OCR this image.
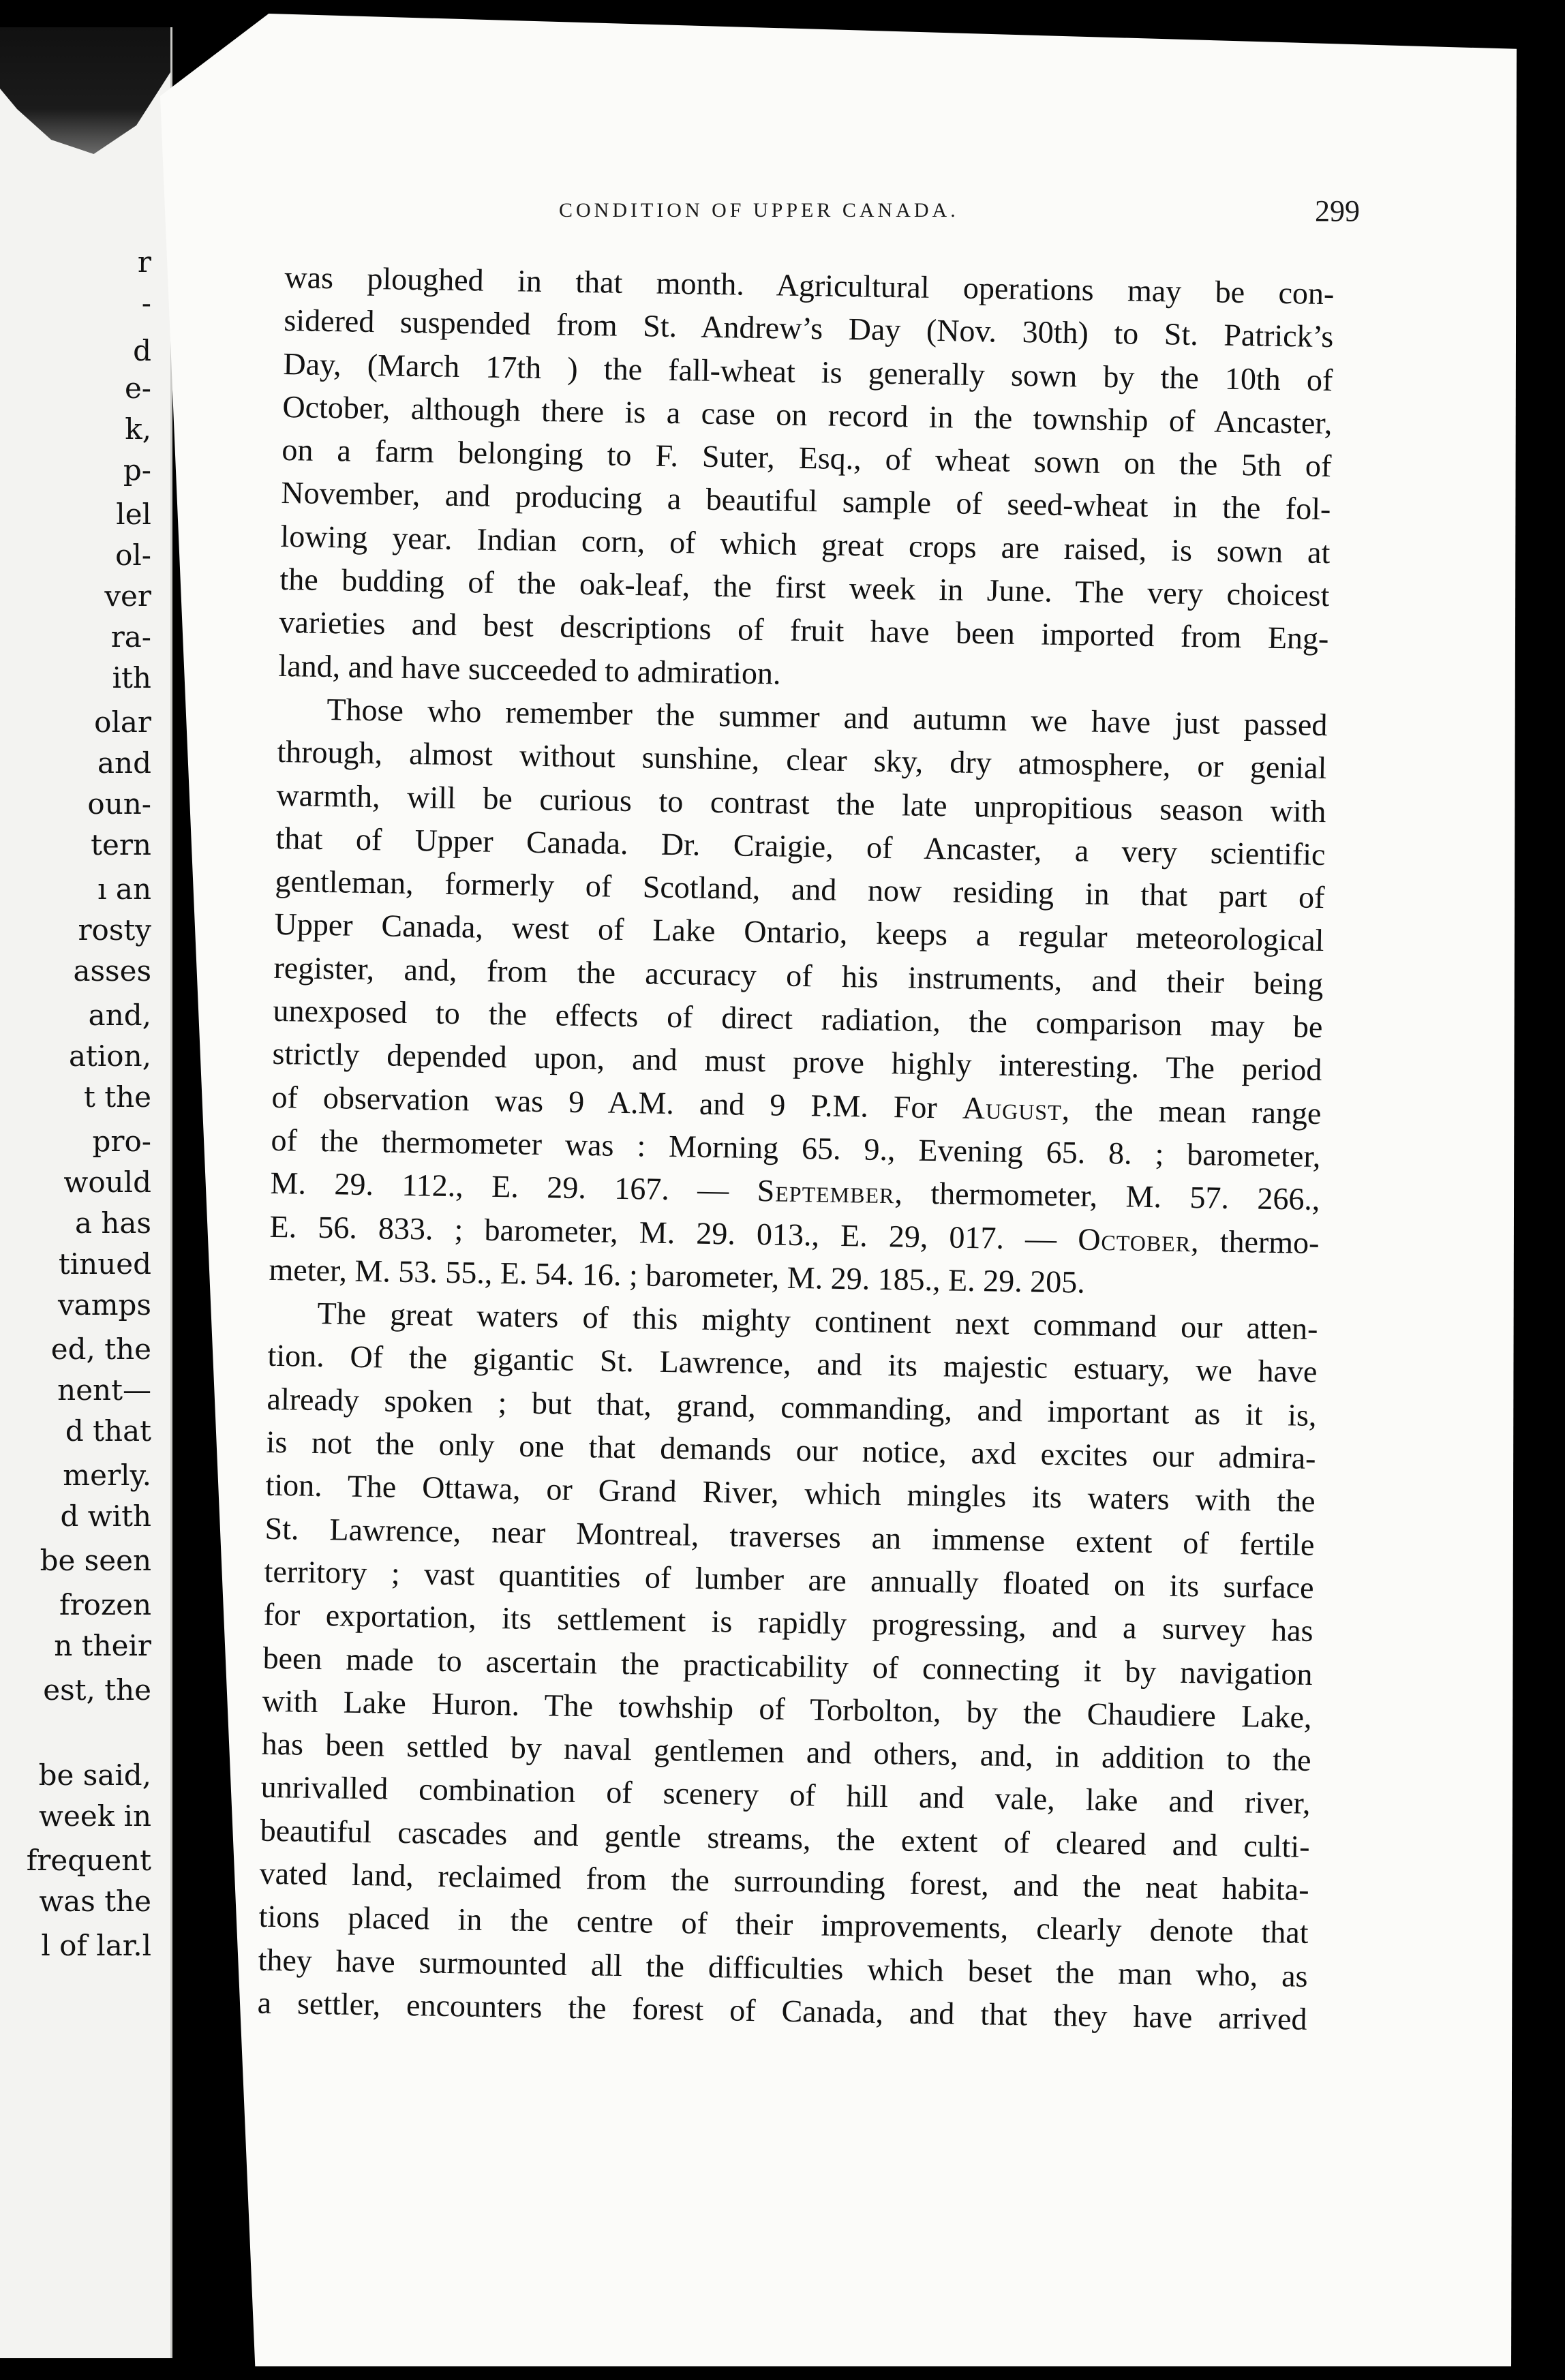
r
-
d
e-
k,
p-
lel
ol-
ver
ra-
ith
olar
and
oun-
tern
ı an
rosty
asses
and,
ation,
t the
pro-
would
a has
tinued
vamps
ed, the
nent—
d that
merly.
d with
be seen
frozen
n their
est, the
be said,
week in
frequent
was the
l of lar.l
CONDITION OF UPPER CANADA.	299
was ploughed in that month. Agricultural operations may be con-
sidered suspended from St. Andrew’s Day (Nov. 30th) to St. Patrick’s
Day, (March 17th ) the fall-wheat is generally sown by the 10th of
October, although there is a case on record in the township of Ancaster,
on a farm belonging to F. Suter, Esq., of wheat sown on the 5th of
November, and producing a beautiful sample of seed-wheat in the fol-
lowing year. Indian corn, of which great crops are raised, is sown at
the budding of the oak-leaf, the first week in June. The very choicest
varieties and best descriptions of fruit have been imported from Eng-
land, and have succeeded to admiration.
Those who remember the summer and autumn we have just passed
through, almost without sunshine, clear sky, dry atmosphere, or genial
warmth, will be curious to contrast the late unpropitious season with
that of Upper Canada. Dr. Craigie, of Ancaster, a very scientific
gentleman, formerly of Scotland, and now residing in that part of
Upper Canada, west of Lake Ontario, keeps a regular meteorological
register, and, from the accuracy of his instruments, and their being
unexposed to the effects of direct radiation, the comparison may be
strictly depended upon, and must prove highly interesting. The period
of observation was 9 A.M. and 9 P.M. For August, the mean range
of the thermometer was : Morning 65. 9., Evening 65. 8. ; barometer,
M. 29. 112., E. 29. 167. — September, thermometer, M. 57. 266.,
E. 56. 833. ; barometer, M. 29. 013., E. 29, 017. — October, thermo-
meter, M. 53. 55., E. 54. 16. ; barometer, M. 29. 185., E. 29. 205.
The great waters of this mighty continent next command our atten-
tion. Of the gigantic St. Lawrence, and its majestic estuary, we have
already spoken ; but that, grand, commanding, and important as it is,
is not the only one that demands our notice, axd excites our admira-
tion. The Ottawa, or Grand River, which mingles its waters with the
St. Lawrence, near Montreal, traverses an immense extent of fertile
territory ; vast quantities of lumber are annually floated on its surface
for exportation, its settlement is rapidly progressing, and a survey has
been made to ascertain the practicability of connecting it by navigation
with Lake Huron. The towhship of Torbolton, by the Chaudiere Lake,
has been settled by naval gentlemen and others, and, in addition to the
unrivalled combination of scenery of hill and vale, lake and river,
beautiful cascades and gentle streams, the extent of cleared and culti-
vated land, reclaimed from the surrounding forest, and the neat habita-
tions placed in the centre of their improvements, clearly denote that
they have surmounted all the difficulties which beset the man who, as
a settler, encounters the forest of Canada, and that they have arrived
